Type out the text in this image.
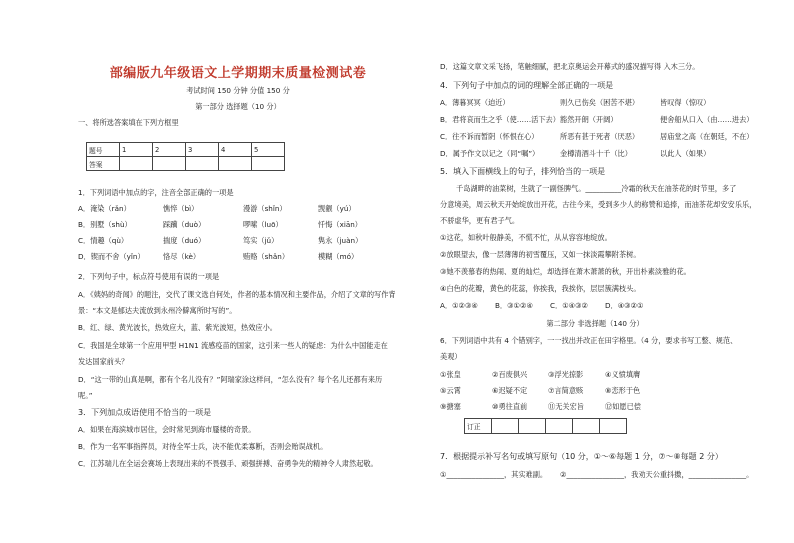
部编版九年级语文上学期期末质量检测试卷
考试时间 150 分钟 分值 150 分
第一部分 选择题（10 分）
一、将所选答案填在下列方框里
题号	1	2	3	4	5
答案					
1．下列词语中加点的字，注音全部正确的一项是
A．淹染（rǎn）	憔悴（bì）	漫游（shǐn）	觊觎（yú）
B．别墅（shù）	踩躏（duò）	啰嗦（luō）	忏悔（xiān）
C．情趣（qù）	揣度（duó）	笃实（jǔ）	隽永（juàn）
D．锲而不舍（yǐn）	恪尽（kè）	贿赂（shǎn）	模糊（mó）
2．下列句子中，标点符号使用有误的一项是
A．《姨妈的奇闻》的题注，交代了课文选自何处，作者的基本情况和主要作品，介绍了文章的写作背
景：“本文是郁达夫流放到永州冷僻寓所时写的”。
B．红、绿、黄光波长，热效应大，蓝、紫光波短，热效应小。
C．我国是全球第一个应用甲型 H1N1 流感疫苗的国家，这引来一些人的疑虑：为什么中国能走在
发达国家前头？
D．“这一带的山真是啊，都有个名儿没有？”阿瑞家涂这样问，“怎么没有？每个名儿还都有来历
呢。”
3．下列加点成语使用不恰当的一项是
A．如果在海滨城市居住，会时常见到海市蜃楼的奇景。
B．作为一名军事指挥员，对待全军士兵，决不能优柔寡断，否则会贻误战机。
C．江苏瑞儿在全运会赛场上表现出来的不畏强手、顽强拼搏、奋勇争先的精神令人肃然起敬。
D．这篇文章文采飞扬，笔触细腻，把北京奥运会开幕式的盛况描写得 入木三分。
4．下列句子中加点的词的理解全部正确的一项是
A．薄暮冥冥（迫近）	则久已伤矣（困苦不堪）	皆叹得（惊叹）
B．君将哀而生之乎（使……活下去） 豁然开朗（开阔）	便舍船从口入（由……进去）
C．往不诉而暂阴（怀恨在心）	所恶有甚于死者（厌恶）	居庙堂之高（在朝廷，不在）
D．属予作文以记之（同“嘱”）	金樽清酒斗十千（比）	以此人（如果）
5．填入下面横线上的句子，排列恰当的一项是
千岛湖畔的油菜树，生就了一副怪脾气。__________冷霜的秋天在油茶花的时节里，多了
分意境美，周云秋天开始绽放出开花，古往今来，受到多少人的称赞和追捧，而油茶花却安安乐乐，
不骄虚华，更有君子气。
①这花，如秋叶般静美，不慌不忙，从从容容地绽放。
②放眼望去，像一层薄薄的初雪覆压，又如一抹淡霞攀附茶树。
③她不羡慕春的热闹、夏的灿烂，却选择在萧木萧萧的秋，开出朴素淡雅的花。
④白色的花瓣，黄色的花蕊，你挨我，我挨你，层层簇满枝头。
A．①②③④ B．③①②④ C．①④③② D．④③②①
第二部分 非选择题（140 分）
6．下列词语中共有 4 个错别字，一一找出并改正在田字格里。（4 分，要求书写工整、规范、
美观）
①张皇	②百废俱兴	③浮光掠影	④义愤填膺
⑤云霄	⑥迟疑不定	⑦言简意赅	⑧恋形于色
⑨搪塞	⑩勇往直前	⑪无关宏旨	⑫如愿已偿
订正					
7．根据提示补写名句或填写原句（10 分，①～⑥每题 1 分，⑦～⑧每题 2 分）
①________________，其实难副。 ②________________，我劝天公重抖擞，________________。
